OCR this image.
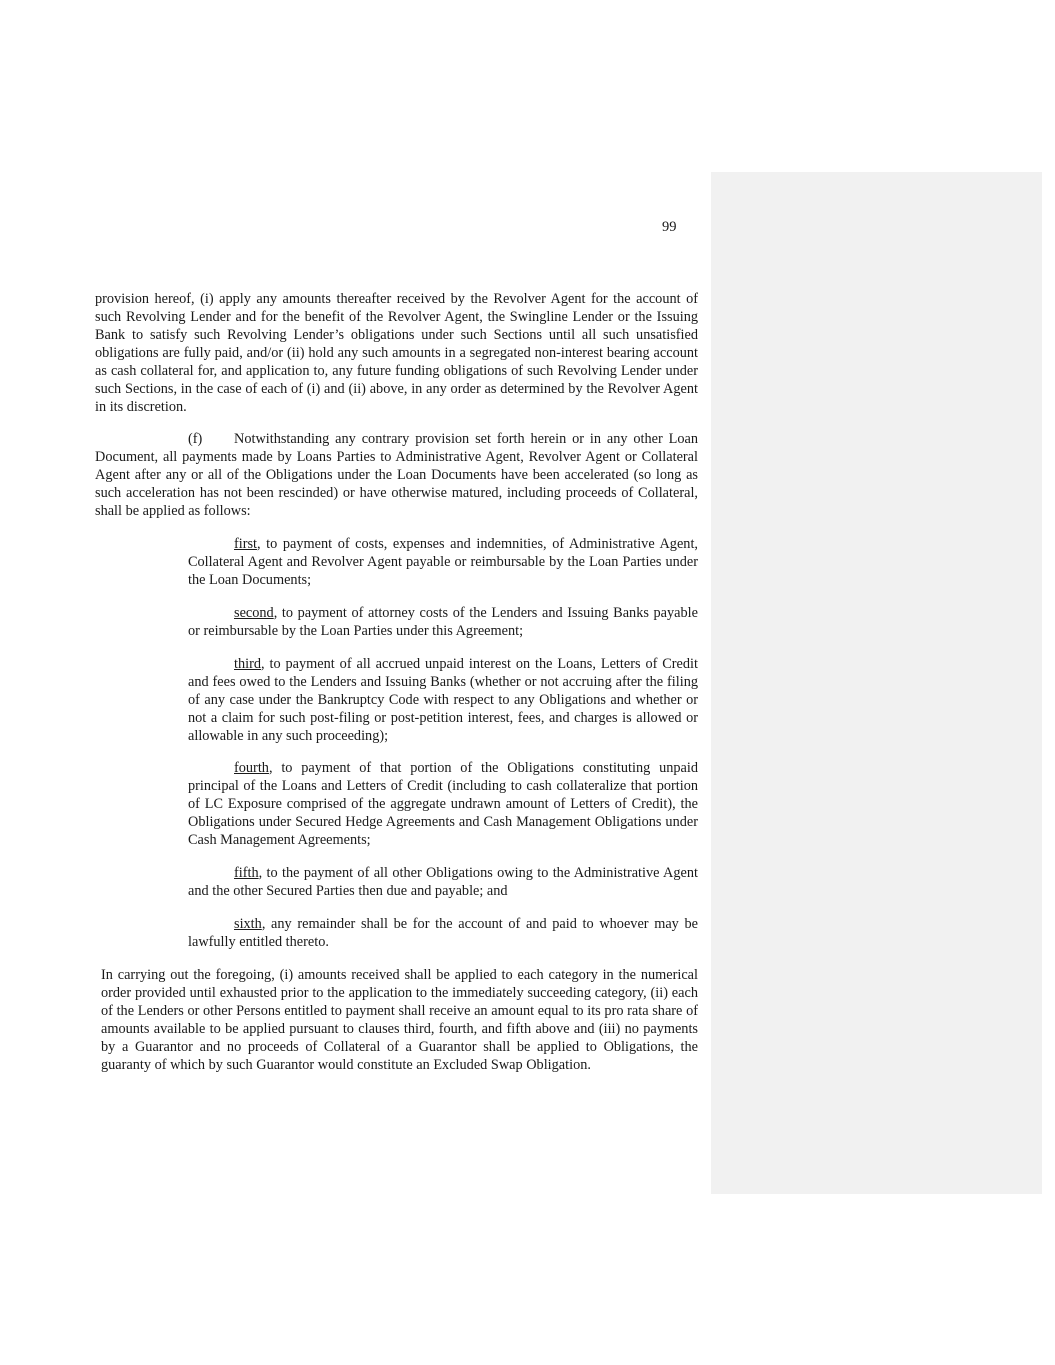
99

provision hereof, (i) apply any amounts thereafter received by the Revolver Agent for the account of such Revolving Lender and for the benefit of the Revolver Agent, the Swingline Lender or the Issuing Bank to satisfy such Revolving Lender’s obligations under such Sections until all such unsatisfied obligations are fully paid, and/or (ii) hold any such amounts in a segregated non-interest bearing account as cash collateral for, and application to, any future funding obligations of such Revolving Lender under such Sections, in the case of each of (i) and (ii) above, in any order as determined by the Revolver Agent in its discretion.

(f) Notwithstanding any contrary provision set forth herein or in any other Loan Document, all payments made by Loans Parties to Administrative Agent, Revolver Agent or Collateral Agent after any or all of the Obligations under the Loan Documents have been accelerated (so long as such acceleration has not been rescinded) or have otherwise matured, including proceeds of Collateral, shall be applied as follows:

first, to payment of costs, expenses and indemnities, of Administrative Agent, Collateral Agent and Revolver Agent payable or reimbursable by the Loan Parties under the Loan Documents;

second, to payment of attorney costs of the Lenders and Issuing Banks payable or reimbursable by the Loan Parties under this Agreement;

third, to payment of all accrued unpaid interest on the Loans, Letters of Credit and fees owed to the Lenders and Issuing Banks (whether or not accruing after the filing of any case under the Bankruptcy Code with respect to any Obligations and whether or not a claim for such post-filing or post-petition interest, fees, and charges is allowed or allowable in any such proceeding);

fourth, to payment of that portion of the Obligations constituting unpaid principal of the Loans and Letters of Credit (including to cash collateralize that portion of LC Exposure comprised of the aggregate undrawn amount of Letters of Credit), the Obligations under Secured Hedge Agreements and Cash Management Obligations under Cash Management Agreements;

fifth, to the payment of all other Obligations owing to the Administrative Agent and the other Secured Parties then due and payable; and

sixth, any remainder shall be for the account of and paid to whoever may be lawfully entitled thereto.

In carrying out the foregoing, (i) amounts received shall be applied to each category in the numerical order provided until exhausted prior to the application to the immediately succeeding category, (ii) each of the Lenders or other Persons entitled to payment shall receive an amount equal to its pro rata share of amounts available to be applied pursuant to clauses third, fourth, and fifth above and (iii) no payments by a Guarantor and no proceeds of Collateral of a Guarantor shall be applied to Obligations, the guaranty of which by such Guarantor would constitute an Excluded Swap Obligation.
